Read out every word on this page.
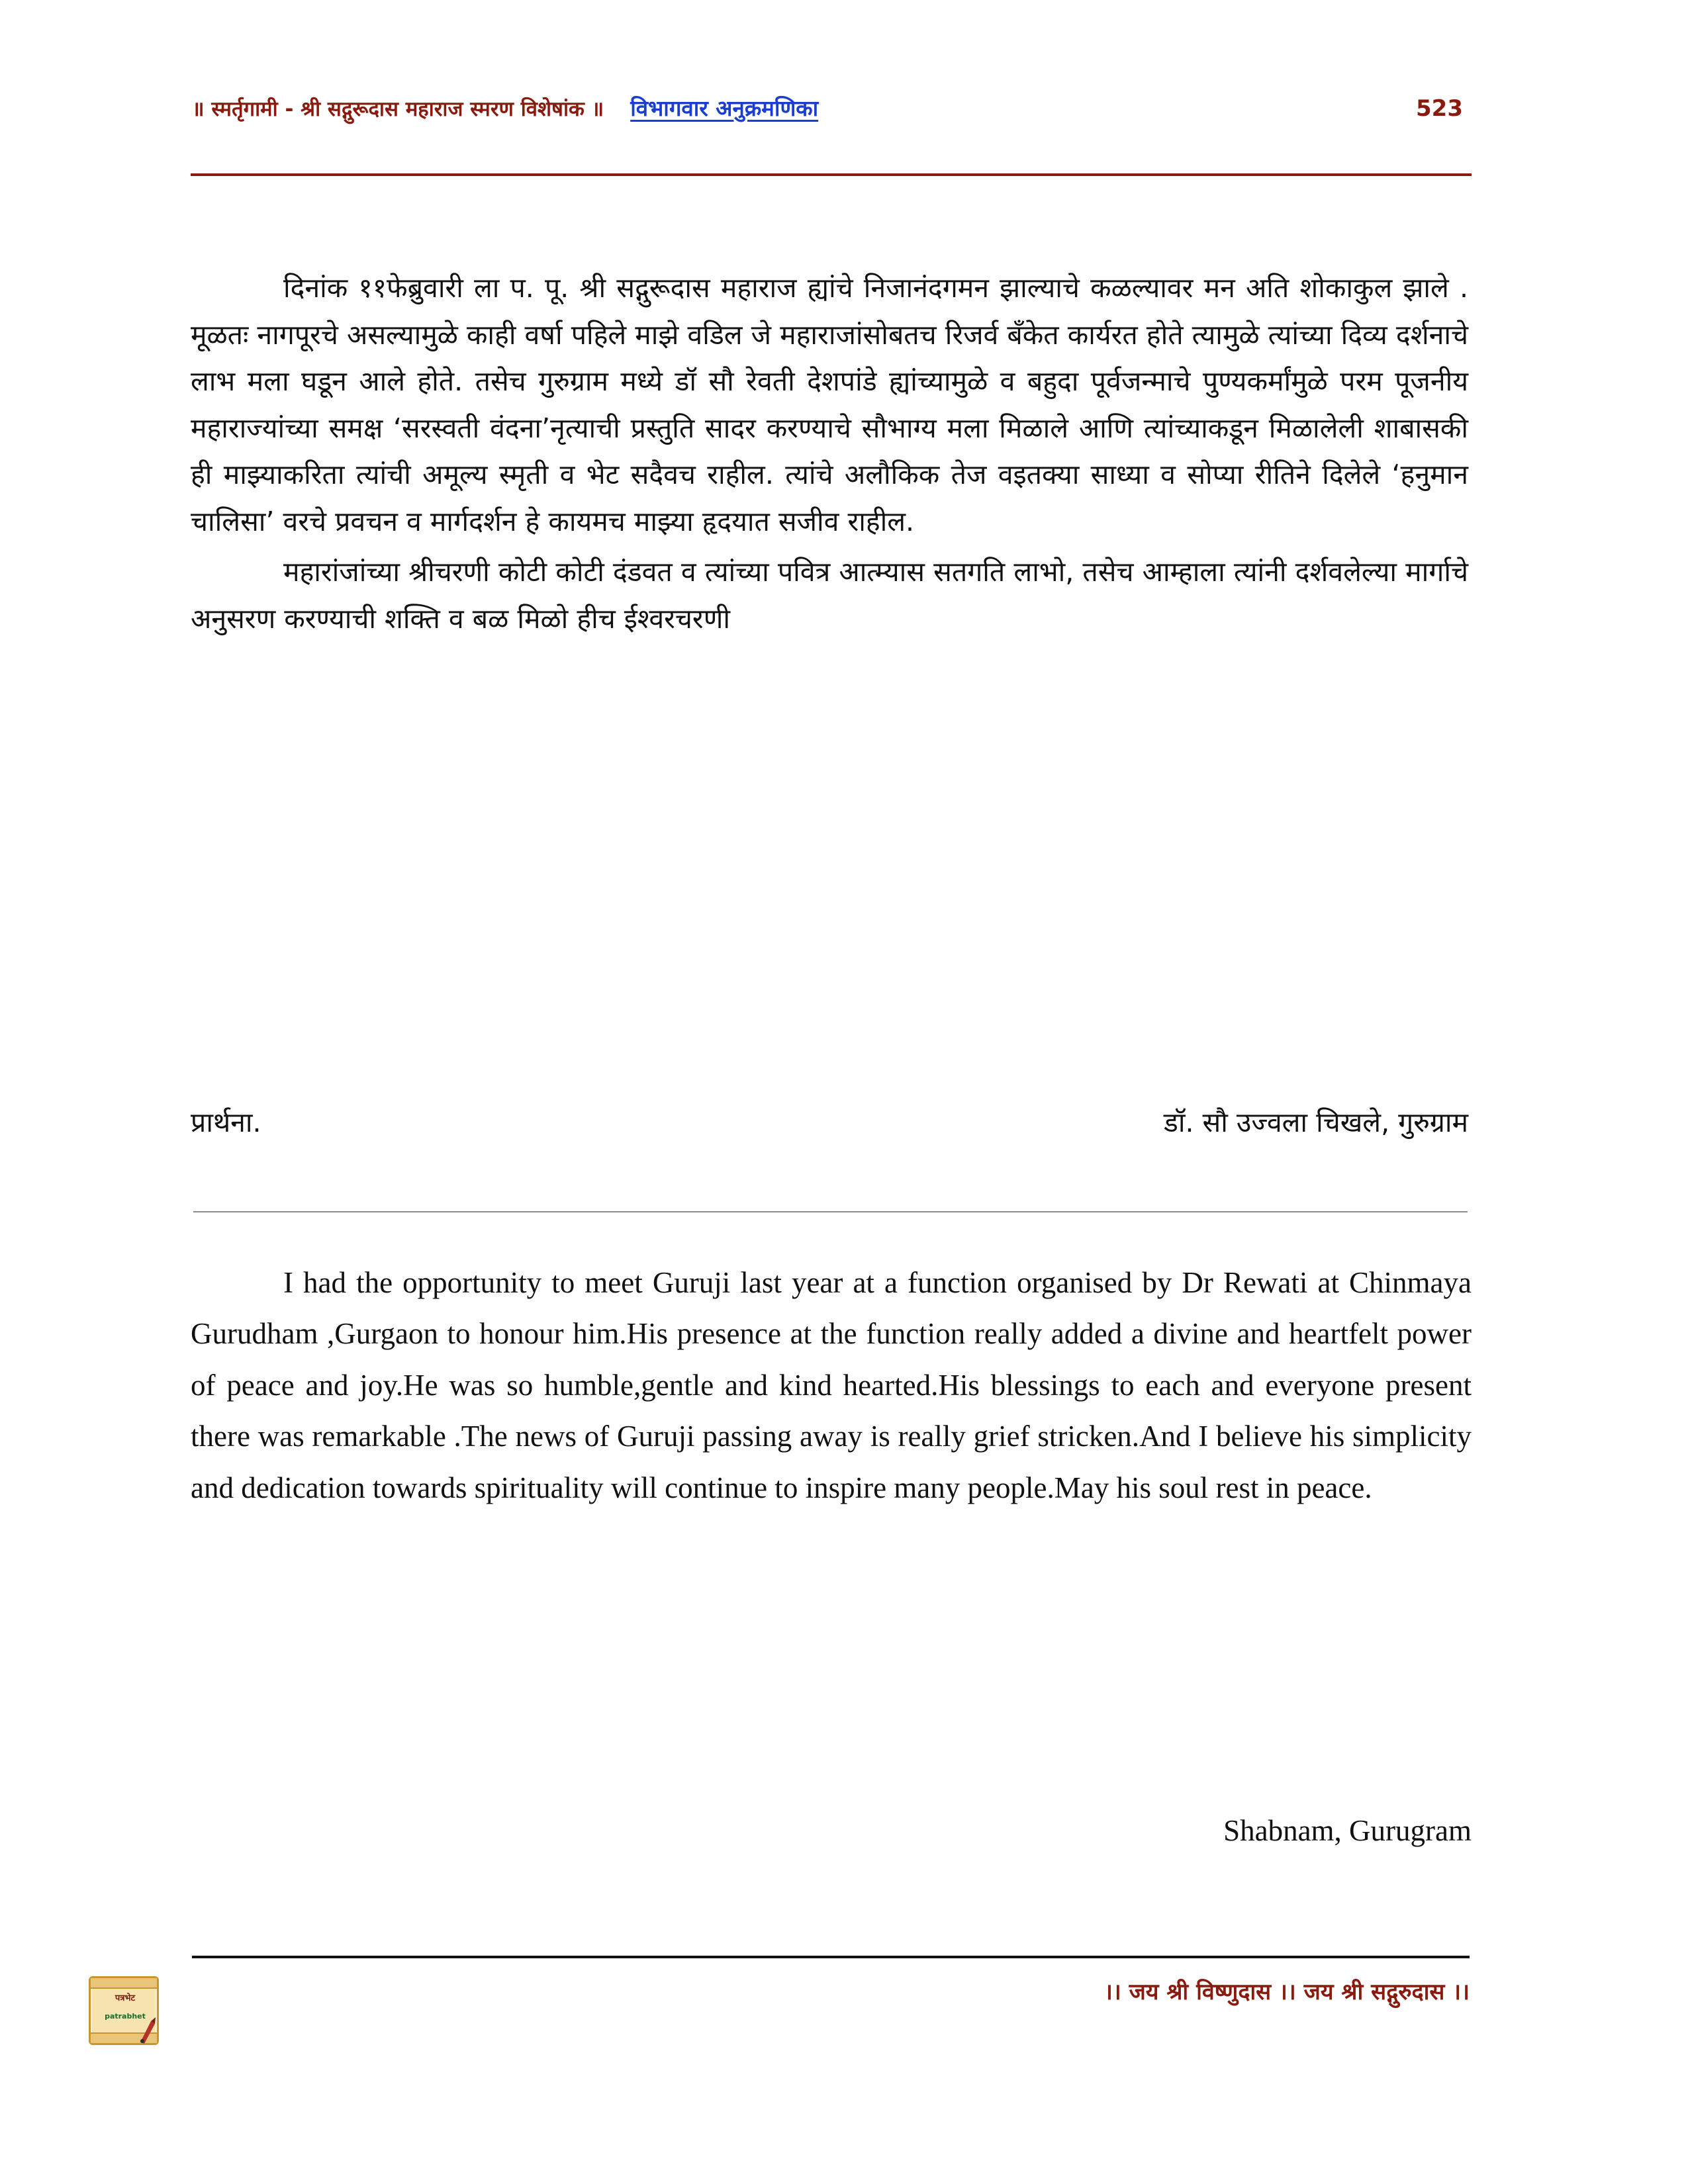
॥ स्मर्तृगामी - श्री सद्गुरूदास महाराज स्मरण विशेषांक ॥ विभागवार अनुक्रमणिका	523

दिनांक ११फेब्रुवारी ला प. पू. श्री सद्गुरूदास महाराज ह्यांचे निजानंदगमन झाल्याचे कळल्यावर मन अति शोकाकुल झाले . मूळतः नागपूरचे असल्यामुळे काही वर्षा पहिले माझे वडिल जे महाराजांसोबतच रिजर्व बँकेत कार्यरत होते त्यामुळे त्यांच्या दिव्य दर्शनाचे लाभ मला घडून आले होते. तसेच गुरुग्राम मध्ये डॉ सौ रेवती देशपांडे ह्यांच्यामुळे व बहुदा पूर्वजन्माचे पुण्यकर्मांमुळे परम पूजनीय महाराज्यांच्या समक्ष ‘सरस्वती वंदना’नृत्याची प्रस्तुति सादर करण्याचे सौभाग्य मला मिळाले आणि त्यांच्याकडून मिळालेली शाबासकी ही माझ्याकरिता त्यांची अमूल्य स्मृती व भेट सदैवच राहील. त्यांचे अलौकिक तेज वइतक्या साध्या व सोप्या रीतिने दिलेले ‘हनुमान चालिसा’ वरचे प्रवचन व मार्गदर्शन हे कायमच माझ्या हृदयात सजीव राहील.

महारांजांच्या श्रीचरणी कोटी कोटी दंडवत व त्यांच्या पवित्र आत्म्यास सतगति लाभो, तसेच आम्हाला त्यांनी दर्शवलेल्या मार्गाचे अनुसरण करण्याची शक्ति व बळ मिळो हीच ईश्वरचरणी

प्रार्थना.	डॉ. सौ उज्वला चिखले, गुरुग्राम

I had the opportunity to meet Guruji last year at a function organised by Dr Rewati at Chinmaya Gurudham ,Gurgaon to honour him.His presence at the function really added a divine and heartfelt power of peace and joy.He was so humble,gentle and kind hearted.His blessings to each and everyone present there was remarkable .The news of Guruji passing away is really grief stricken.And I believe his simplicity and dedication towards spirituality will continue to inspire many people.May his soul rest in peace.

Shabnam, Gurugram
।। जय श्री विष्णुदास ।। जय श्री सद्गुरुदास ।।
पत्रभेट
patrabhet
